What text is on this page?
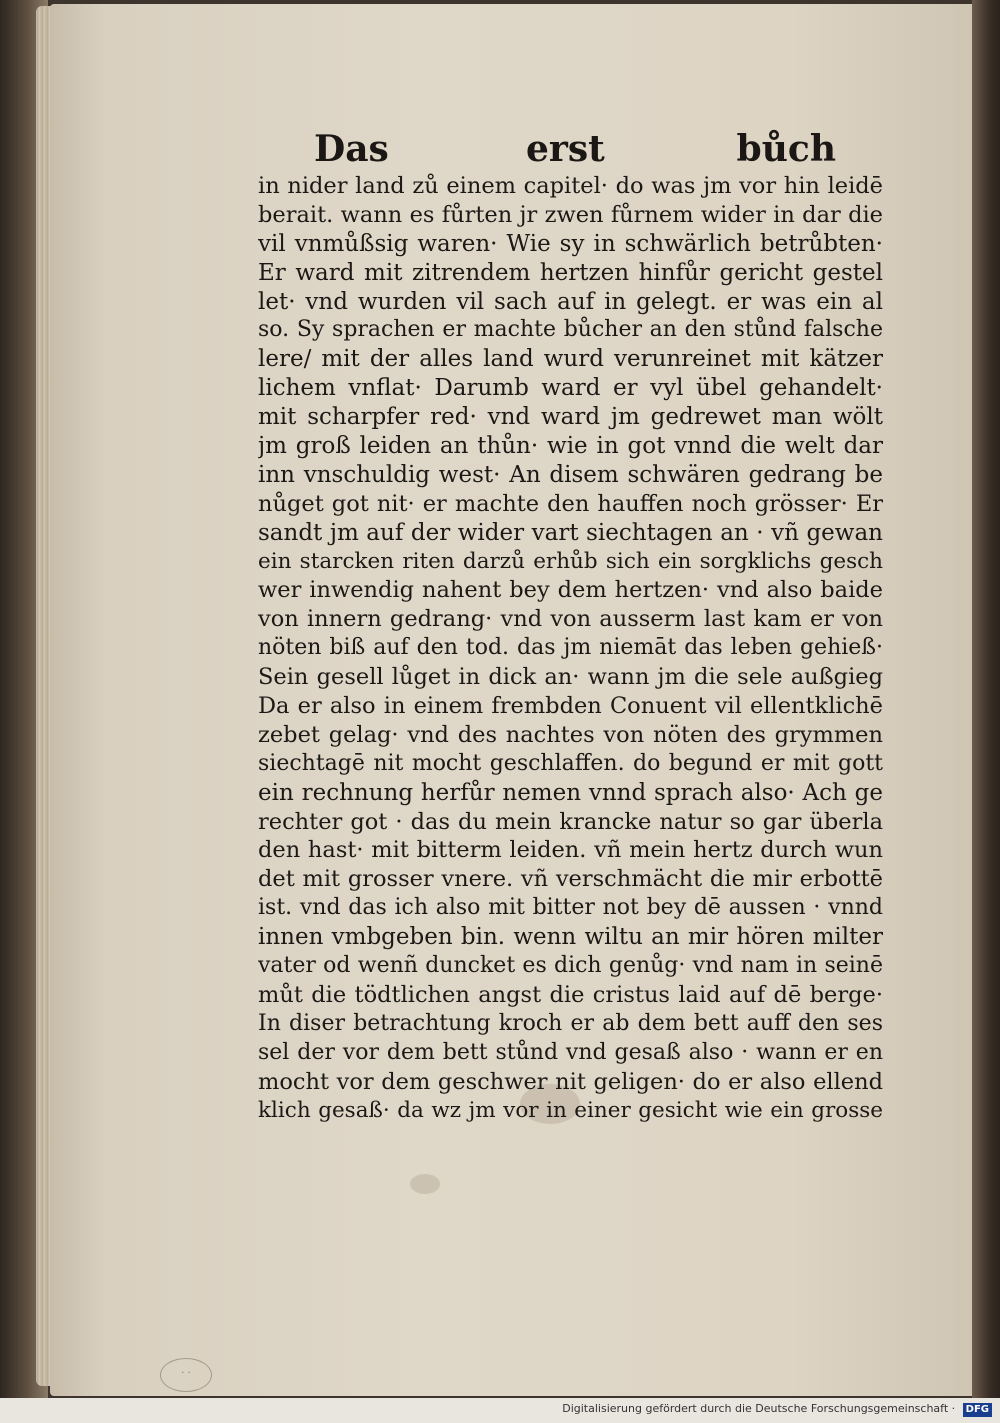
Das	erst	bůch
in nider land zů einem capitel· do was jm vor hin leidē
berait. wann es fůrten jr zwen fůrnem wider in dar die
vil vnmůßsig waren· Wie sy in schwärlich betrůbten·
Er ward mit zitrendem hertzen hinfůr gericht gestel
let· vnd wurden vil sach auf in gelegt. er was ein al
so. Sy sprachen er machte bůcher an den stůnd falsche
lere/ mit der alles land wurd verunreinet mit kätzer
lichem vnflat· Darumb ward er vyl übel gehandelt·
mit scharpfer red· vnd ward jm gedrewet man wölt
jm groß leiden an thůn· wie in got vnnd die welt dar
inn vnschuldig west· An disem schwären gedrang be
nůget got nit· er machte den hauffen noch grösser· Er
sandt jm auf der wider vart siechtagen an · vñ gewan
ein starcken riten darzů erhůb sich ein sorgklichs gesch
wer inwendig nahent bey dem hertzen· vnd also baide
von innern gedrang· vnd von ausserm last kam er von
nöten biß auf den tod. das jm niemāt das leben gehieß·
Sein gesell lůget in dick an· wann jm die sele außgieg
Da er also in einem frembden Conuent vil ellentklichē
zebet gelag· vnd des nachtes von nöten des grymmen
siechtagē nit mocht geschlaffen. do begund er mit gott
ein rechnung herfůr nemen vnnd sprach also· Ach ge
rechter got · das du mein krancke natur so gar überla
den hast· mit bitterm leiden. vñ mein hertz durch wun
det mit grosser vnere. vñ verschmächt die mir erbottē
ist. vnd das ich also mit bitter not bey dē aussen · vnnd
innen vmbgeben bin. wenn wiltu an mir hören milter
vater od wenñ duncket es dich genůg· vnd nam in seinē
můt die tödtlichen angst die cristus laid auf dē berge·
In diser betrachtung kroch er ab dem bett auff den ses
sel der vor dem bett stůnd vnd gesaß also · wann er en
mocht vor dem geschwer nit geligen· do er also ellend
klich gesaß· da wz jm vor in einer gesicht wie ein grosse
· ·
Digitalisierung gefördert durch die Deutsche Forschungsgemeinschaft · DFG
